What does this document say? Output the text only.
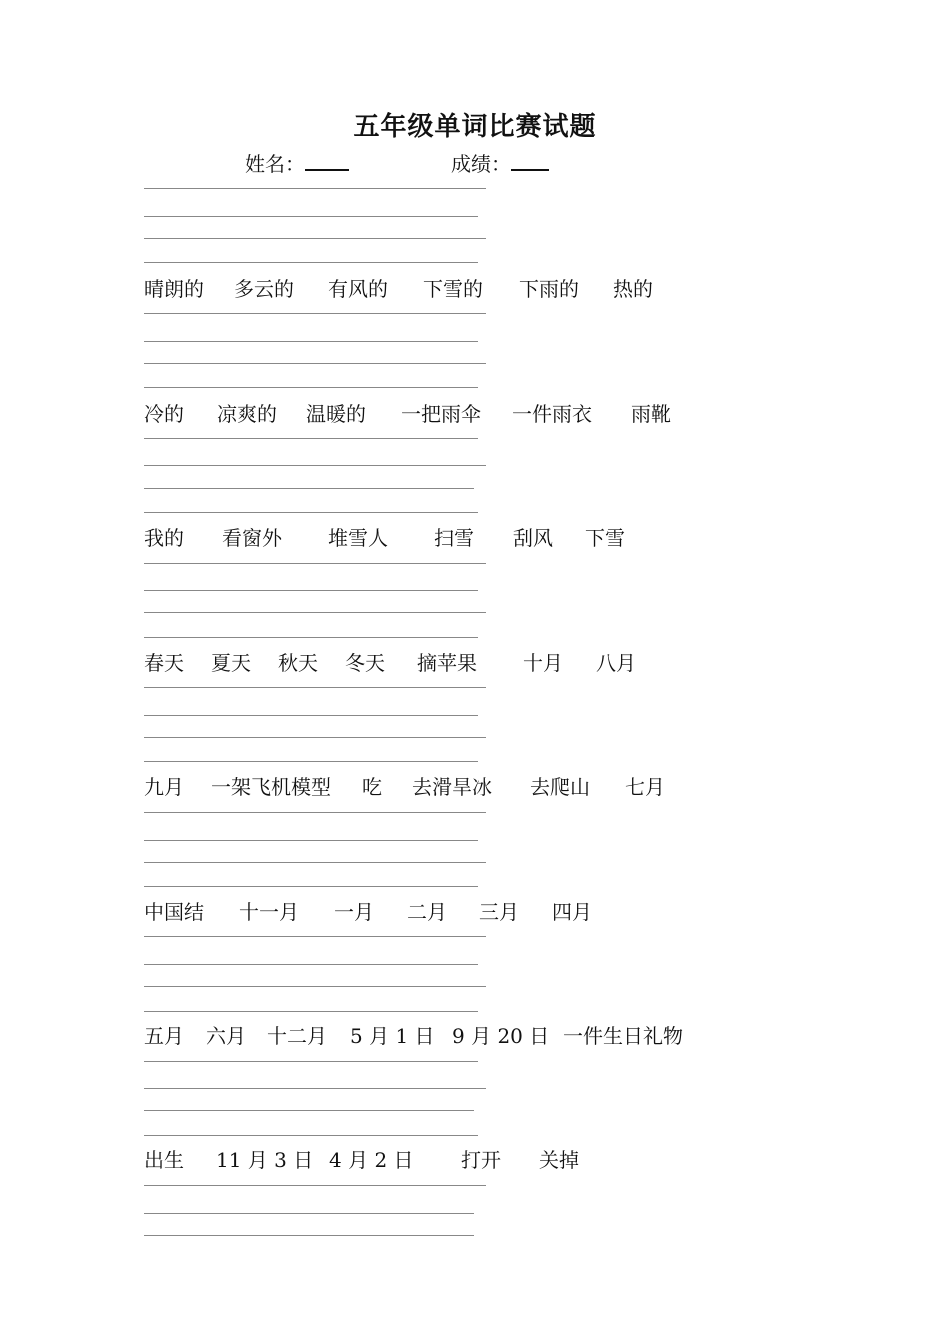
五年级单词比赛试题
姓名：	成绩：
晴朗的 多云的 有风的 下雪的 下雨的 热的
冷的 凉爽的 温暖的 一把雨伞 一件雨衣 雨靴
我的 看窗外 堆雪人 扫雪 刮风 下雪
春天 夏天 秋天 冬天 摘苹果 十月 八月
九月 一架飞机模型 吃 去滑旱冰 去爬山 七月
中国结 十一月 一月 二月 三月 四月
五月 六月 十二月 5 月 1 日 9 月 20 日 一件生日礼物
出生 11 月 3 日 4 月 2 日 打开 关掉
